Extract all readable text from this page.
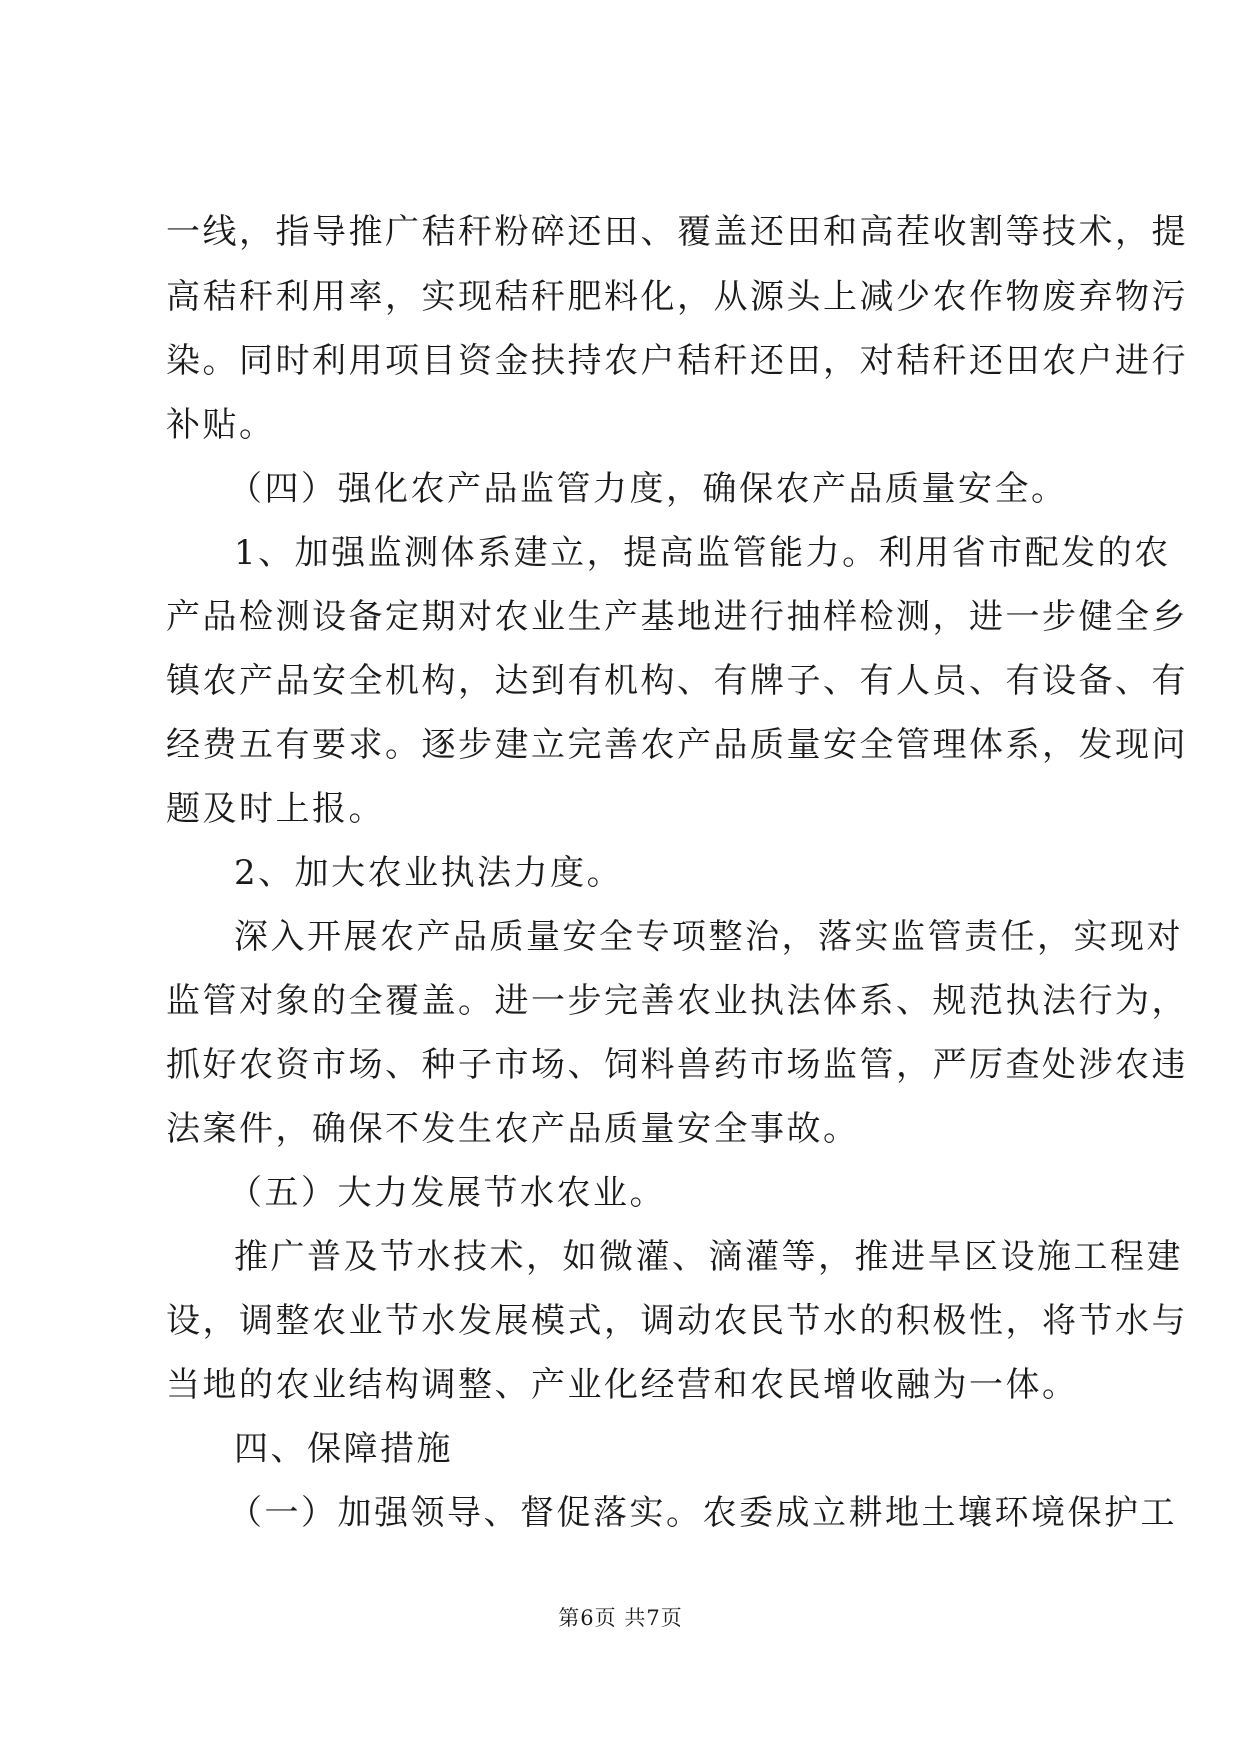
一线，指导推广秸秆粉碎还田、覆盖还田和高茬收割等技术，提
高秸秆利用率，实现秸秆肥料化，从源头上减少农作物废弃物污
染。同时利用项目资金扶持农户秸秆还田，对秸秆还田农户进行
补贴。
（四）强化农产品监管力度，确保农产品质量安全。
1、加强监测体系建立，提高监管能力。利用省市配发的农
产品检测设备定期对农业生产基地进行抽样检测，进一步健全乡
镇农产品安全机构，达到有机构、有牌子、有人员、有设备、有
经费五有要求。逐步建立完善农产品质量安全管理体系，发现问
题及时上报。
2、加大农业执法力度。
深入开展农产品质量安全专项整治，落实监管责任，实现对
监管对象的全覆盖。进一步完善农业执法体系、规范执法行为，
抓好农资市场、种子市场、饲料兽药市场监管，严厉查处涉农违
法案件，确保不发生农产品质量安全事故。
（五）大力发展节水农业。
推广普及节水技术，如微灌、滴灌等，推进旱区设施工程建
设，调整农业节水发展模式，调动农民节水的积极性，将节水与
当地的农业结构调整、产业化经营和农民增收融为一体。
四、保障措施
（一）加强领导、督促落实。农委成立耕地土壤环境保护工
第6页 共7页
